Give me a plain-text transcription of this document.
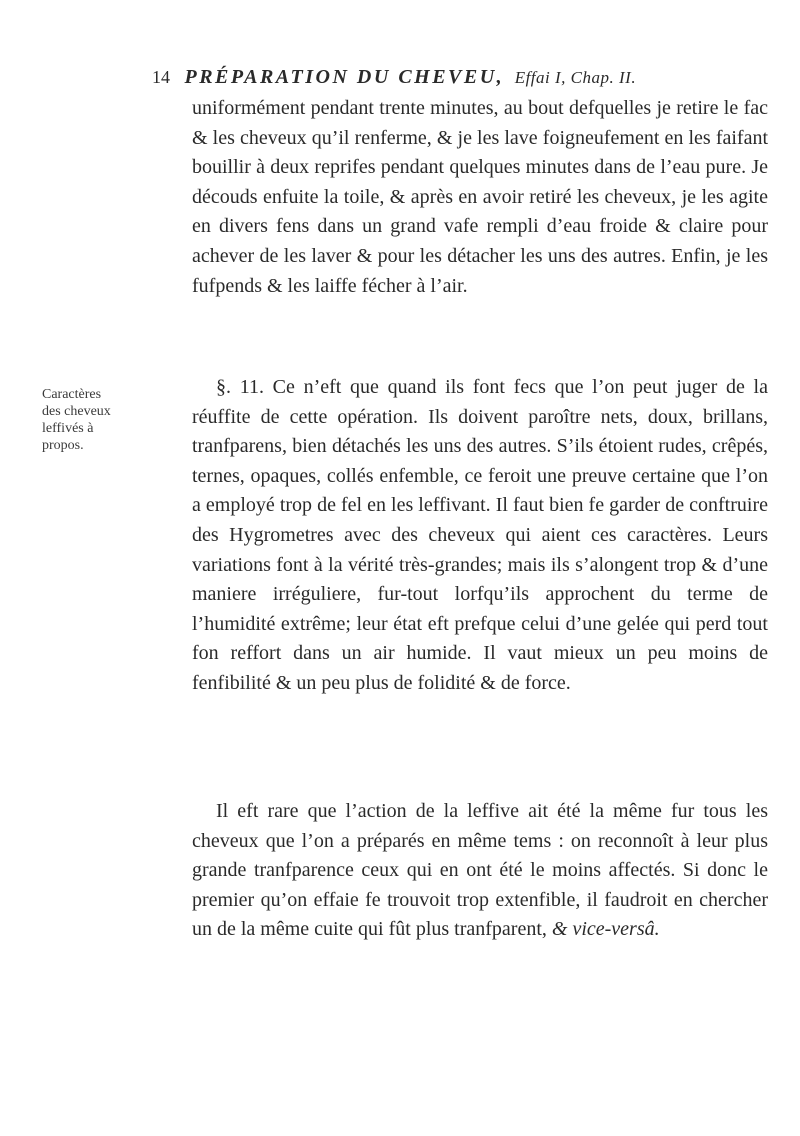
14 PRÉPARATION DU CHEVEU, Effai I, Chap. II.

uniformément pendant trente minutes, au bout defquelles je retire le fac & les cheveux qu’il renferme, & je les lave foigneufement en les faifant bouillir à deux reprifes pendant quelques minutes dans de l’eau pure. Je découds enfuite la toile, & après en avoir retiré les cheveux, je les agite en divers fens dans un grand vafe rempli d’eau froide & claire pour achever de les laver & pour les détacher les uns des autres. Enfin, je les fufpends & les laiffe fécher à l’air.

Caractères
des cheveux
leffivés à
propos.

§. 11. Ce n’eft que quand ils font fecs que l’on peut juger de la réuffite de cette opération. Ils doivent paroître nets, doux, brillans, tranfparens, bien détachés les uns des autres. S’ils étoient rudes, crêpés, ternes, opaques, collés enfemble, ce feroit une preuve certaine que l’on a employé trop de fel en les leffivant. Il faut bien fe garder de conftruire des Hygrometres avec des cheveux qui aient ces caractères. Leurs variations font à la vérité très-grandes; mais ils s’alongent trop & d’une maniere irréguliere, fur-tout lorfqu’ils approchent du terme de l’humidité extrême; leur état eft prefque celui d’une gelée qui perd tout fon reffort dans un air humide. Il vaut mieux un peu moins de fenfibilité & un peu plus de folidité & de force.

Il eft rare que l’action de la leffive ait été la même fur tous les cheveux que l’on a préparés en même tems : on reconnoît à leur plus grande tranfparence ceux qui en ont été le moins affectés. Si donc le premier qu’on effaie fe trouvoit trop extenfible, il faudroit en chercher un de la même cuite qui fût plus tranfparent, & vice-versâ.
